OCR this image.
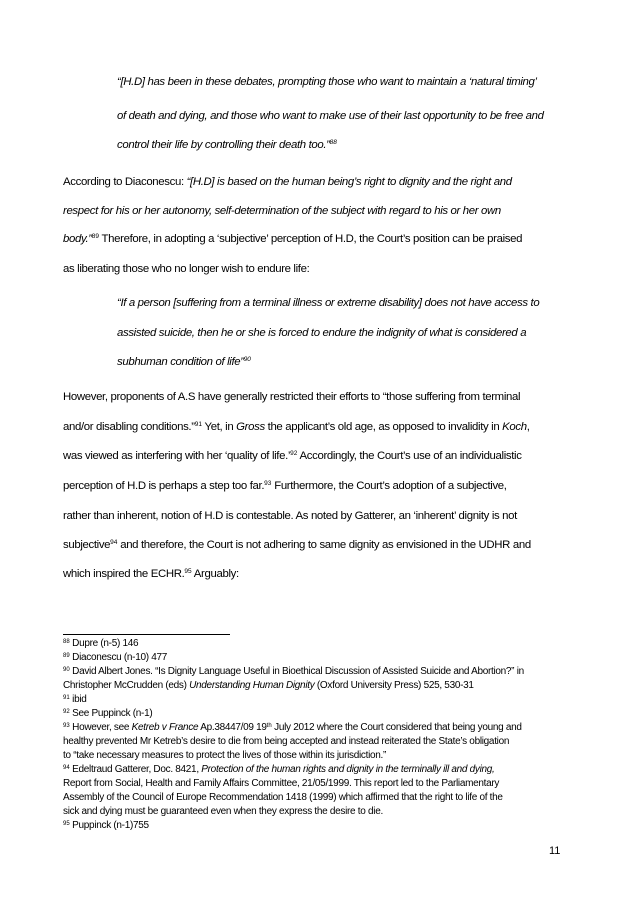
“[H.D] has been in these debates, prompting those who want to maintain a ‘natural timing’
of death and dying, and those who want to make use of their last opportunity to be free and
control their life by controlling their death too.”$^{88}$
According to Diaconescu: “[H.D] is based on the human being’s right to dignity and the right and
respect for his or her autonomy, self-determination of the subject with regard to his or her own
body.”$^{89}$ Therefore, in adopting a ‘subjective’ perception of H.D, the Court’s position can be praised
as liberating those who no longer wish to endure life:
“If a person [suffering from a terminal illness or extreme disability] does not have access to
assisted suicide, then he or she is forced to endure the indignity of what is considered a
subhuman condition of life”$^{90}$
However, proponents of A.S have generally restricted their efforts to “those suffering from terminal
and/or disabling conditions.”$^{91}$ Yet, in Gross the applicant’s old age, as opposed to invalidity in Koch,
was viewed as interfering with her ‘quality of life.’$^{92}$ Accordingly, the Court’s use of an individualistic
perception of H.D is perhaps a step too far.$^{93}$ Furthermore, the Court’s adoption of a subjective,
rather than inherent, notion of H.D is contestable. As noted by Gatterer, an ‘inherent’ dignity is not
subjective$^{94}$ and therefore, the Court is not adhering to same dignity as envisioned in the UDHR and
which inspired the ECHR.$^{95}$ Arguably:
$^{88}$ Dupre (n-5) 146
$^{89}$ Diaconescu (n-10) 477
$^{90}$ David Albert Jones. “Is Dignity Language Useful in Bioethical Discussion of Assisted Suicide and Abortion?” in
Christopher McCrudden (eds) Understanding Human Dignity (Oxford University Press) 525, 530-31
$^{91}$ ibid
$^{92}$ See Puppinck (n-1)
$^{93}$ However, see Ketreb v France Ap.38447/09 19th July 2012 where the Court considered that being young and
healthy prevented Mr Ketreb’s desire to die from being accepted and instead reiterated the State’s obligation
to “take necessary measures to protect the lives of those within its jurisdiction.”
$^{94}$ Edeltraud Gatterer, Doc. 8421, Protection of the human rights and dignity in the terminally ill and dying,
Report from Social, Health and Family Affairs Committee, 21/05/1999. This report led to the Parliamentary
Assembly of the Council of Europe Recommendation 1418 (1999) which affirmed that the right to life of the
sick and dying must be guaranteed even when they express the desire to die.
$^{95}$ Puppinck (n-1)755
11
